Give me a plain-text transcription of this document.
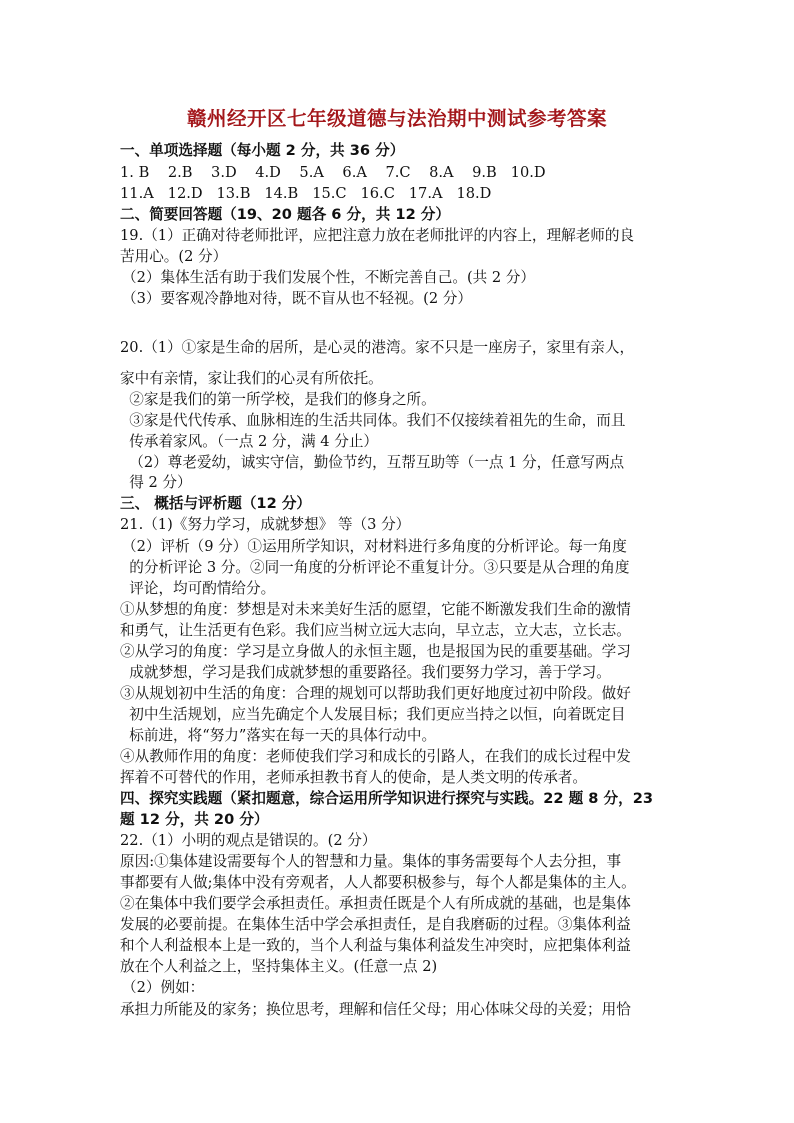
赣州经开区七年级道德与法治期中测试参考答案
一、单项选择题（每小题 2 分，共 36 分）
1. B    2.B    3.D    4.D    5.A    6.A    7.C    8.A    9.B   10.D
11.A   12.D   13.B   14.B   15.C   16.C   17.A   18.D
二、简要回答题（19、20 题各 6 分，共 12 分）
19.（1）正确对待老师批评，应把注意力放在老师批评的内容上，理解老师的良
苦用心。(2 分）
（2）集体生活有助于我们发展个性，不断完善自己。(共 2 分）
（3）要客观冷静地对待，既不盲从也不轻视。(2 分）
20.（1）①家是生命的居所，是心灵的港湾。家不只是一座房子，家里有亲人，
家中有亲情，家让我们的心灵有所依托。
②家是我们的第一所学校，是我们的修身之所。
③家是代代传承、血脉相连的生活共同体。我们不仅接续着祖先的生命，而且
传承着家风。（一点 2 分，满 4 分止）
（2）尊老爱幼，诚实守信，勤俭节约，互帮互助等（一点 1 分，任意写两点
得 2 分）
三、 概括与评析题（12 分）
21.（1)《努力学习，成就梦想》 等（3 分）
（2）评析（9 分）①运用所学知识，对材料进行多角度的分析评论。每一角度
的分析评论 3 分。②同一角度的分析评论不重复计分。③只要是从合理的角度
评论，均可酌情给分。
①从梦想的角度：梦想是对未来美好生活的愿望，它能不断激发我们生命的激情
和勇气，让生活更有色彩。我们应当树立远大志向，早立志，立大志，立长志。
②从学习的角度：学习是立身做人的永恒主题，也是报国为民的重要基础。学习
成就梦想，学习是我们成就梦想的重要路径。我们要努力学习，善于学习。
③从规划初中生活的角度：合理的规划可以帮助我们更好地度过初中阶段。做好
初中生活规划，应当先确定个人发展目标；我们更应当持之以恒，向着既定目
标前进，将“努力”落实在每一天的具体行动中。
④从教师作用的角度：老师使我们学习和成长的引路人，在我们的成长过程中发
挥着不可替代的作用，老师承担教书育人的使命，是人类文明的传承者。
四、探究实践题（紧扣题意，综合运用所学知识进行探究与实践。22 题 8 分，23
题 12 分，共 20 分）
22.（1）小明的观点是错误的。(2 分）
原因:①集体建设需要每个人的智慧和力量。集体的事务需要每个人去分担，事
事都要有人做;集体中没有旁观者，人人都要积极参与，每个人都是集体的主人。
②在集体中我们要学会承担责任。承担责任既是个人有所成就的基础，也是集体
发展的必要前提。在集体生活中学会承担责任，是自我磨砺的过程。③集体利益
和个人利益根本上是一致的，当个人利益与集体利益发生冲突时，应把集体利益
放在个人利益之上，坚持集体主义。(任意一点 2)
（2）例如：
承担力所能及的家务；换位思考，理解和信任父母；用心体味父母的关爱；用恰
